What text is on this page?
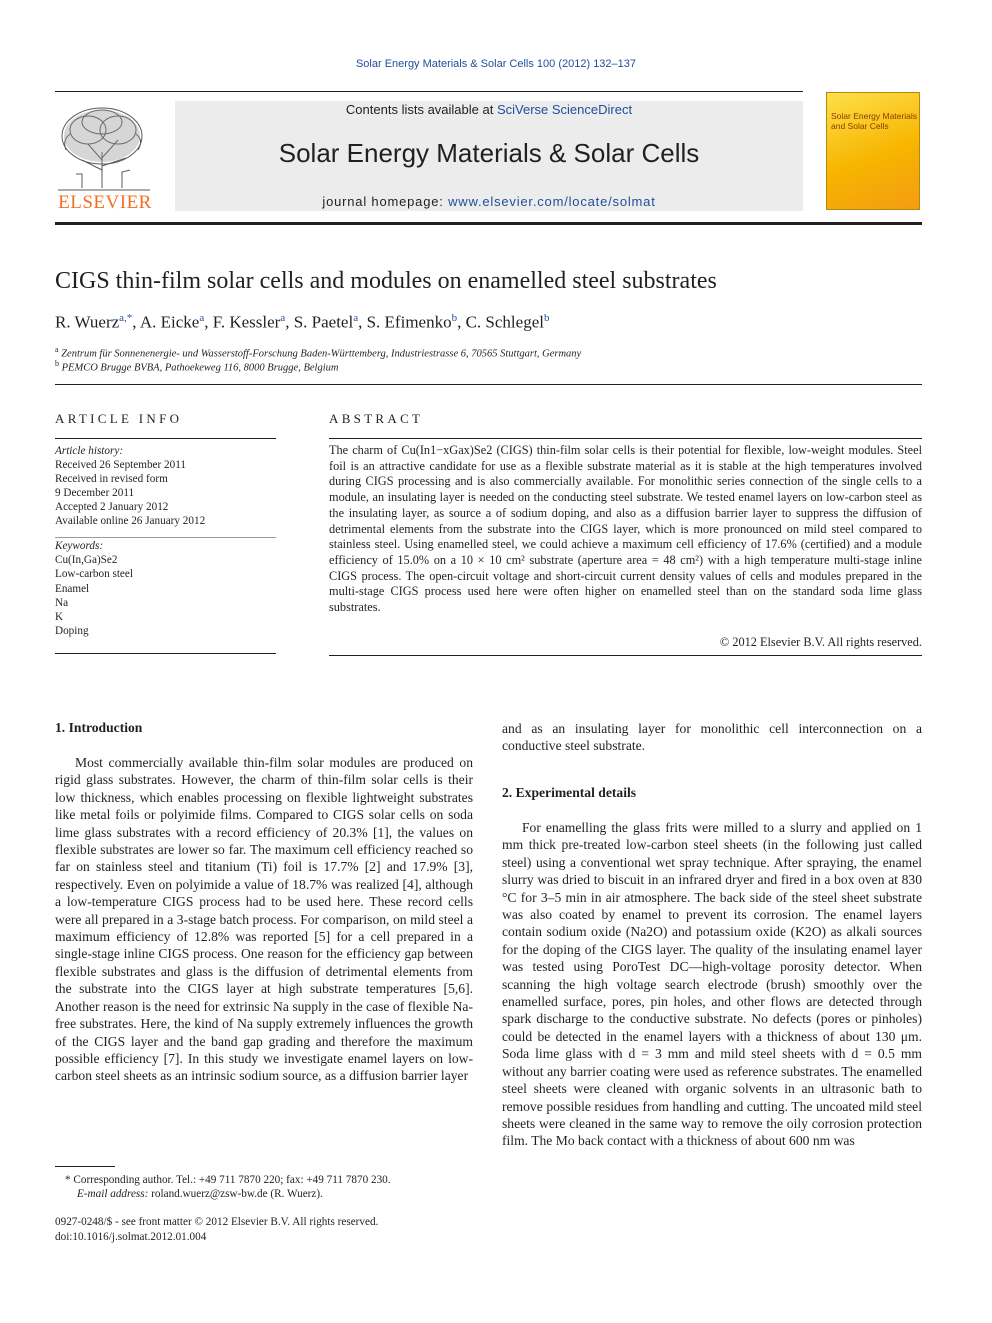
Solar Energy Materials & Solar Cells 100 (2012) 132–137
ELSEVIER
Contents lists available at SciVerse ScienceDirect
Solar Energy Materials & Solar Cells
journal homepage: www.elsevier.com/locate/solmat
Solar Energy Materials and Solar Cells
CIGS thin-film solar cells and modules on enamelled steel substrates
R. Wuerz$^{a,*}$, A. Eicke$^a$, F. Kessler$^a$, S. Paetel$^a$, S. Efimenko$^b$, C. Schlegel$^b$
$^a$ Zentrum für Sonnenenergie- und Wasserstoff-Forschung Baden-Württemberg, Industriestrasse 6, 70565 Stuttgart, Germany
$^b$ PEMCO Brugge BVBA, Pathoekeweg 116, 8000 Brugge, Belgium
ARTICLE INFO
Article history:
Received 26 September 2011
Received in revised form
9 December 2011
Accepted 2 January 2012
Available online 26 January 2012
Keywords:
Cu(In,Ga)Se2
Low-carbon steel
Enamel
Na
K
Doping
ABSTRACT
The charm of Cu(In1−xGax)Se2 (CIGS) thin-film solar cells is their potential for flexible, low-weight modules. Steel foil is an attractive candidate for use as a flexible substrate material as it is stable at the high temperatures involved during CIGS processing and is also commercially available. For monolithic series connection of the single cells to a module, an insulating layer is needed on the conducting steel substrate. We tested enamel layers on low-carbon steel as the insulating layer, as source a of sodium doping, and also as a diffusion barrier layer to suppress the diffusion of detrimental elements from the substrate into the CIGS layer, which is more pronounced on mild steel compared to stainless steel. Using enamelled steel, we could achieve a maximum cell efficiency of 17.6% (certified) and a module efficiency of 15.0% on a 10 × 10 cm² substrate (aperture area = 48 cm²) with a high temperature multi-stage inline CIGS process. The open-circuit voltage and short-circuit current density values of cells and modules prepared in the multi-stage CIGS process used here were often higher on enamelled steel than on the standard soda lime glass substrates.
© 2012 Elsevier B.V. All rights reserved.
1. Introduction

Most commercially available thin-film solar modules are produced on rigid glass substrates. However, the charm of thin-film solar cells is their low thickness, which enables processing on flexible lightweight substrates like metal foils or polyimide films. Compared to CIGS solar cells on soda lime glass substrates with a record efficiency of 20.3% [1], the values on flexible substrates are lower so far. The maximum cell efficiency reached so far on stainless steel and titanium (Ti) foil is 17.7% [2] and 17.9% [3], respectively. Even on polyimide a value of 18.7% was realized [4], although a low-temperature CIGS process had to be used here. These record cells were all prepared in a 3-stage batch process. For comparison, on mild steel a maximum efficiency of 12.8% was reported [5] for a cell prepared in a single-stage inline CIGS process. One reason for the efficiency gap between flexible substrates and glass is the diffusion of detrimental elements from the substrate into the CIGS layer at high substrate temperatures [5,6]. Another reason is the need for extrinsic Na supply in the case of flexible Na-free substrates. Here, the kind of Na supply extremely influences the growth of the CIGS layer and the band gap grading and therefore the maximum possible efficiency [7]. In this study we investigate enamel layers on low-carbon steel sheets as an intrinsic sodium source, as a diffusion barrier layer

and as an insulating layer for monolithic cell interconnection on a conductive steel substrate.
2. Experimental details

For enamelling the glass frits were milled to a slurry and applied on 1 mm thick pre-treated low-carbon steel sheets (in the following just called steel) using a conventional wet spray technique. After spraying, the enamel slurry was dried to biscuit in an infrared dryer and fired in a box oven at 830 °C for 3–5 min in air atmosphere. The back side of the steel sheet substrate was also coated by enamel to prevent its corrosion. The enamel layers contain sodium oxide (Na2O) and potassium oxide (K2O) as alkali sources for the doping of the CIGS layer. The quality of the insulating enamel layer was tested using PoroTest DC—high-voltage porosity detector. When scanning the high voltage search electrode (brush) smoothly over the enamelled surface, pores, pin holes, and other flows are detected through spark discharge to the conductive substrate. No defects (pores or pinholes) could be detected in the enamel layers with a thickness of about 130 μm. Soda lime glass with d = 3 mm and mild steel sheets with d = 0.5 mm without any barrier coating were used as reference substrates. The enamelled steel sheets were cleaned with organic solvents in an ultrasonic bath to remove possible residues from handling and cutting. The uncoated mild steel sheets were cleaned in the same way to remove the oily corrosion protection film. The Mo back contact with a thickness of about 600 nm was

* Corresponding author. Tel.: +49 711 7870 220; fax: +49 711 7870 230.
E-mail address: roland.wuerz@zsw-bw.de (R. Wuerz).
0927-0248/$ - see front matter © 2012 Elsevier B.V. All rights reserved.
doi:10.1016/j.solmat.2012.01.004
